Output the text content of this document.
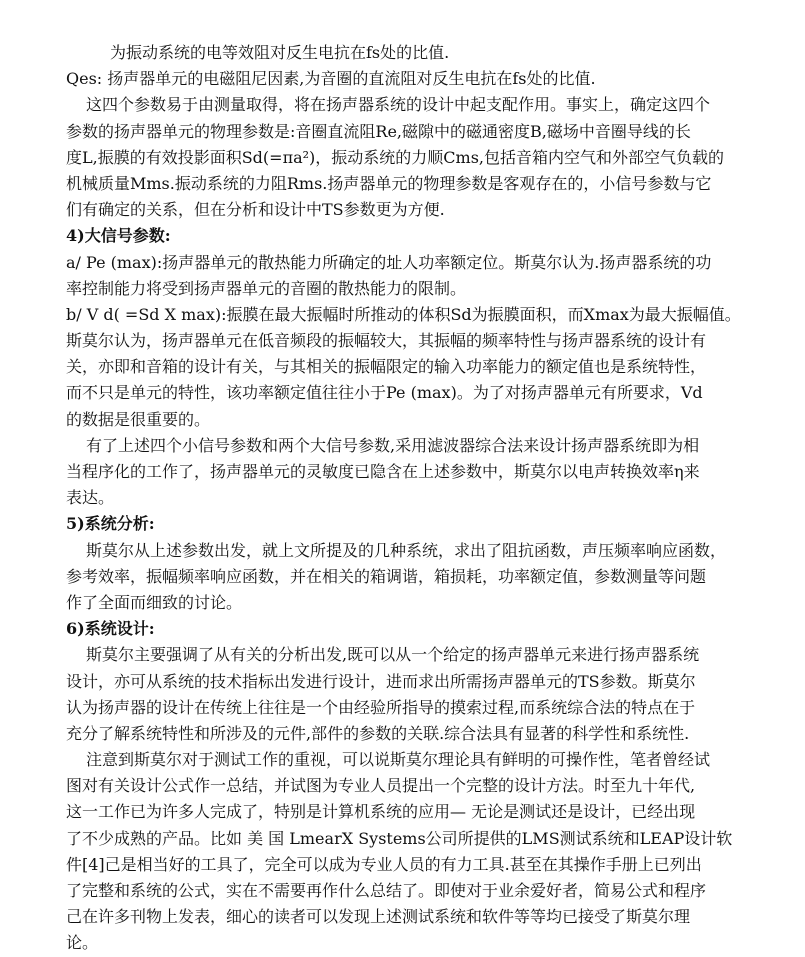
为振动系统的电等效阻对反生电抗在fs处的比值.
Qes: 扬声器单元的电磁阻尼因素,为音圈的直流阻对反生电抗在fs处的比值.
这四个参数易于由测量取得，将在扬声器系统的设计中起支配作用。事实上，确定这四个
参数的扬声器单元的物理参数是:音圈直流阻Re,磁隙中的磁通密度B,磁场中音圈导线的长
度L,振膜的有效投影面积Sd(=πa²)，振动系统的力顺Cms,包括音箱内空气和外部空气负载的
机械质量Mms.振动系统的力阻Rms.扬声器单元的物理参数是客观存在的，小信号参数与它
们有确定的关系，但在分析和设计中TS参数更为方便.
4)大信号参数:
a/ Pe (max):扬声器单元的散热能力所确定的址人功率额定位。斯莫尔认为.扬声器系统的功
率控制能力将受到扬声器单元的音圈的散热能力的限制。
b/ V d( =Sd X max):振膜在最大振幅时所推动的体积Sd为振膜面积，而Xmax为最大振幅值。
斯莫尔认为，扬声器单元在低音频段的振幅较大，其振幅的频率特性与扬声器系统的设计有
关，亦即和音箱的设计有关，与其相关的振幅限定的输入功率能力的额定值也是系统特性，
而不只是单元的特性，该功率额定值往往小于Pe (max)。为了对扬声器单元有所要求，Vd
的数据是很重要的。
有了上述四个小信号参数和两个大信号参数,采用滤波器综合法来设计扬声器系统即为相
当程序化的工作了，扬声器单元的灵敏度已隐含在上述参数中，斯莫尔以电声转换效率η来
表达。
5)系统分析:
斯莫尔从上述参数出发，就上文所提及的几种系统，求出了阻抗函数，声压频率响应函数，
参考效率，振幅频率响应函数，并在相关的箱调谐，箱损耗，功率额定值，参数测量等问题
作了全面而细致的讨论。
6)系统设计:
斯莫尔主要强调了从有关的分析出发,既可以从一个给定的扬声器单元来进行扬声器系统
设计，亦可从系统的技术指标出发进行设计，进而求出所需扬声器单元的TS参数。斯莫尔
认为扬声器的设计在传统上往往是一个由经验所指导的摸索过程,而系统综合法的特点在于
充分了解系统特性和所涉及的元件,部件的参数的关联.综合法具有显著的科学性和系统性.
注意到斯莫尔对于测试工作的重视，可以说斯莫尔理论具有鲜明的可操作性，笔者曾经试
图对有关设计公式作一总结，并试图为专业人员提出一个完整的设计方法。时至九十年代,
这一工作已为许多人完成了，特别是计算机系统的应用— 无论是测试还是设计，已经出现
了不少成熟的产品。比如 美 国 LmearX Systems公司所提供的LMS测试系统和LEAP设计软
件[4]己是相当好的工具了，完全可以成为专业人员的有力工具.甚至在其操作手册上已列出
了完整和系统的公式，实在不需要再作什么总结了。即使对于业余爱好者，简易公式和程序
己在许多刊物上发表，细心的读者可以发现上述测试系统和软件等等均已接受了斯莫尔理
论。
